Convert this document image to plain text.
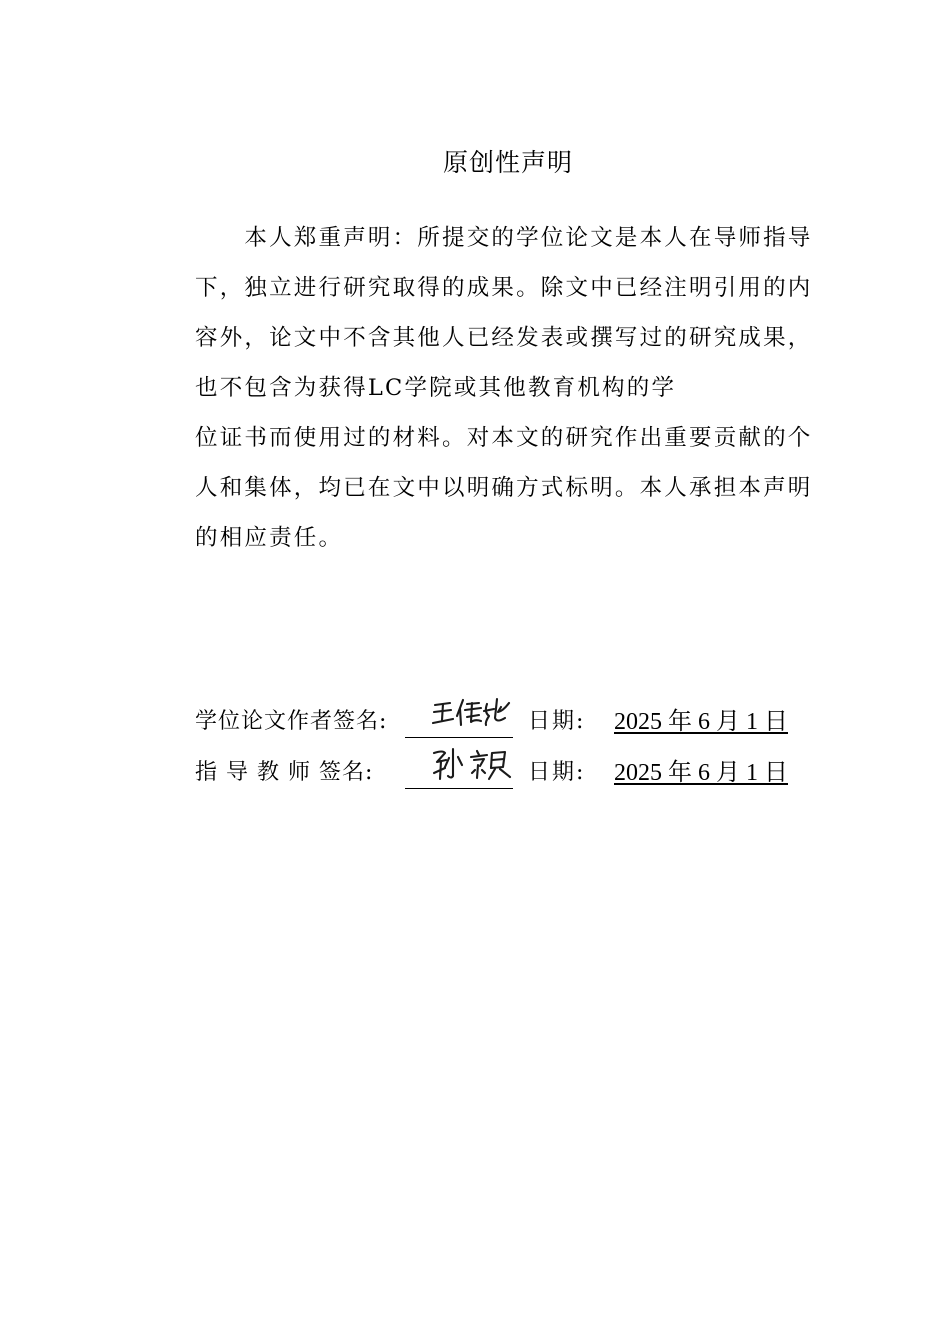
原创性声明
　　本人郑重声明：所提交的学位论文是本人在导师指导
下，独立进行研究取得的成果。除文中已经注明引用的内
容外，论文中不含其他人已经发表或撰写过的研究成果，
也不包含为获得LC学院或其他教育机构的学
位证书而使用过的材料。对本文的研究作出重要贡献的个
人和集体，均已在文中以明确方式标明。本人承担本声明
的相应责任。
学位论文作者签名:	日期:	2025 年 6 月 1 日
指 导 教 师 签名:	日期:	2025 年 6 月 1 日
